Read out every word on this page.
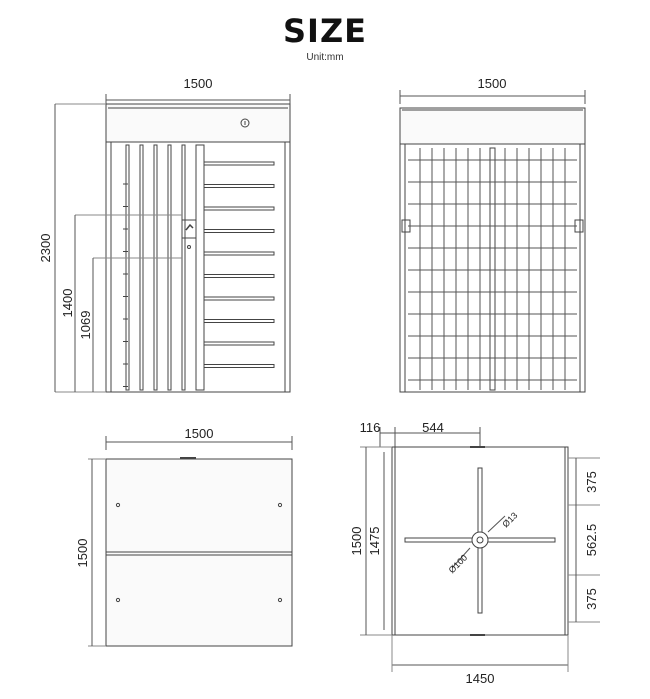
SIZE
Unit:mm
1500
2300
1400
1069
1500
1500
1500
116	544
1500 1475
375
562.5
375
1450
Ø100
Ø13
